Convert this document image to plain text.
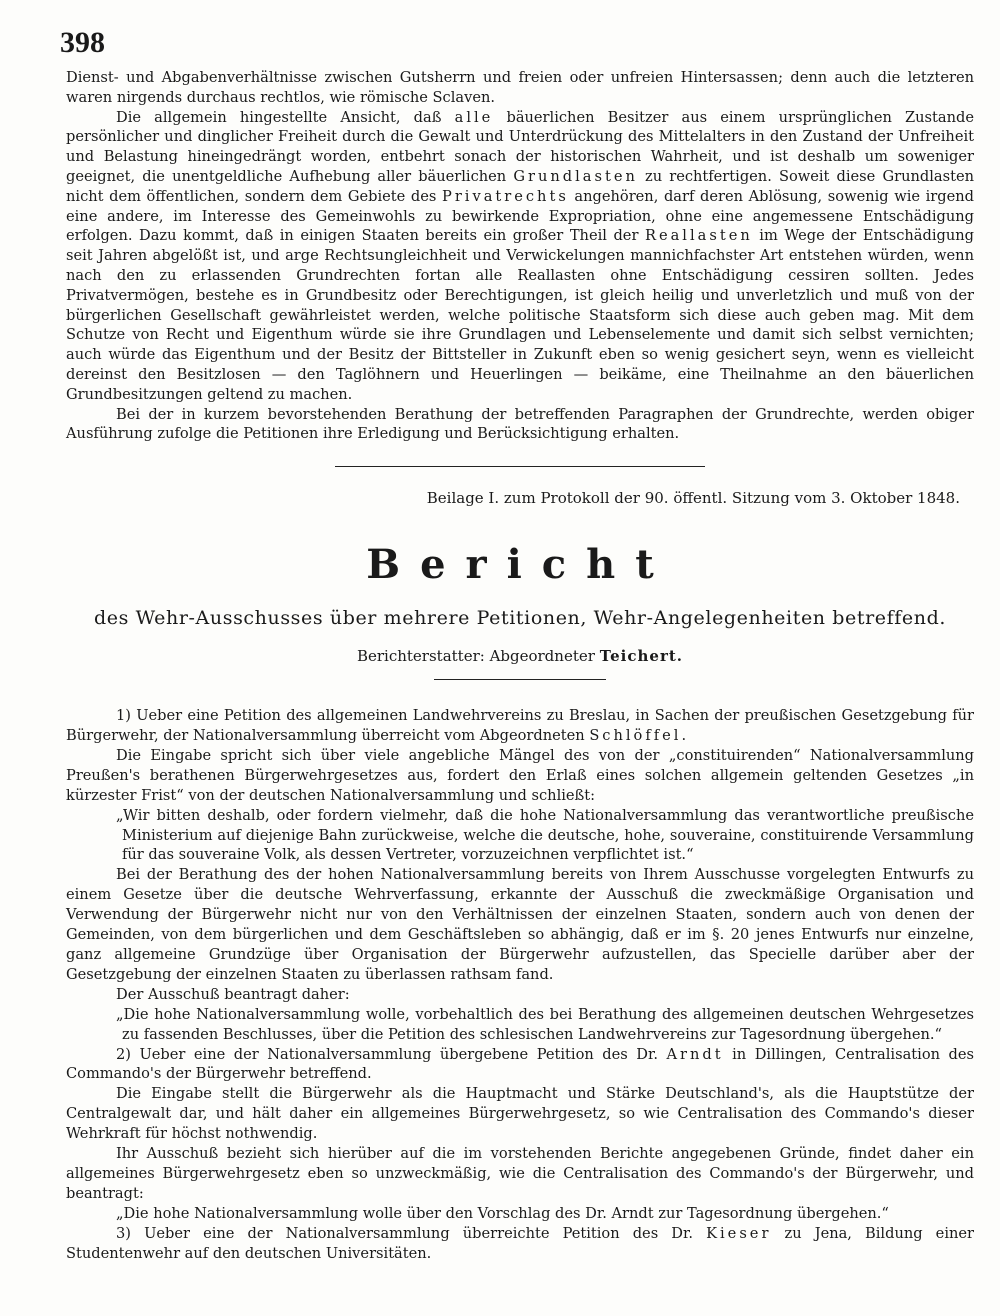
398

Dienst- und Abgabenverhältnisse zwischen Gutsherrn und freien oder unfreien Hintersassen; denn auch die letzteren waren nirgends durchaus rechtlos, wie römische Sclaven.

Die allgemein hingestellte Ansicht, daß alle bäuerlichen Besitzer aus einem ursprünglichen Zustande persönlicher und dinglicher Freiheit durch die Gewalt und Unterdrückung des Mittelalters in den Zustand der Unfreiheit und Belastung hineingedrängt worden, entbehrt sonach der historischen Wahrheit, und ist deshalb um soweniger geeignet, die unentgeldliche Aufhebung aller bäuerlichen Grundlasten zu rechtfertigen. Soweit diese Grundlasten nicht dem öffentlichen, sondern dem Gebiete des Privatrechts angehören, darf deren Ablösung, sowenig wie irgend eine andere, im Interesse des Gemeinwohls zu bewirkende Expropriation, ohne eine angemessene Entschädigung erfolgen. Dazu kommt, daß in einigen Staaten bereits ein großer Theil der Reallasten im Wege der Entschädigung seit Jahren abgelößt ist, und arge Rechtsungleichheit und Verwickelungen mannichfachster Art entstehen würden, wenn nach den zu erlassenden Grundrechten fortan alle Reallasten ohne Entschädigung cessiren sollten. Jedes Privatvermögen, bestehe es in Grundbesitz oder Berechtigungen, ist gleich heilig und unverletzlich und muß von der bürgerlichen Gesellschaft gewährleistet werden, welche politische Staatsform sich diese auch geben mag. Mit dem Schutze von Recht und Eigenthum würde sie ihre Grundlagen und Lebenselemente und damit sich selbst vernichten; auch würde das Eigenthum und der Besitz der Bittsteller in Zukunft eben so wenig gesichert seyn, wenn es vielleicht dereinst den Besitzlosen — den Taglöhnern und Heuerlingen — beikäme, eine Theilnahme an den bäuerlichen Grundbesitzungen geltend zu machen.

Bei der in kurzem bevorstehenden Berathung der betreffenden Paragraphen der Grundrechte, werden obiger Ausführung zufolge die Petitionen ihre Erledigung und Berücksichtigung erhalten.

Beilage I. zum Protokoll der 90. öffentl. Sitzung vom 3. Oktober 1848.
Bericht
des Wehr-Ausschusses über mehrere Petitionen, Wehr-Angelegenheiten betreffend.
Berichterstatter: Abgeordneter Teichert.

1) Ueber eine Petition des allgemeinen Landwehrvereins zu Breslau, in Sachen der preußischen Gesetzgebung für Bürgerwehr, der Nationalversammlung überreicht vom Abgeordneten Schlöffel.

Die Eingabe spricht sich über viele angebliche Mängel des von der „constituirenden“ Nationalversammlung Preußen's berathenen Bürgerwehrgesetzes aus, fordert den Erlaß eines solchen allgemein geltenden Gesetzes „in kürzester Frist“ von der deutschen Nationalversammlung und schließt:

„Wir bitten deshalb, oder fordern vielmehr, daß die hohe Nationalversammlung das verantwortliche preußische Ministerium auf diejenige Bahn zurückweise, welche die deutsche, hohe, souveraine, constituirende Versammlung für das souveraine Volk, als dessen Vertreter, vorzuzeichnen verpflichtet ist.“

Bei der Berathung des der hohen Nationalversammlung bereits von Ihrem Ausschusse vorgelegten Entwurfs zu einem Gesetze über die deutsche Wehrverfassung, erkannte der Ausschuß die zweckmäßige Organisation und Verwendung der Bürgerwehr nicht nur von den Verhältnissen der einzelnen Staaten, sondern auch von denen der Gemeinden, von dem bürgerlichen und dem Geschäftsleben so abhängig, daß er im §. 20 jenes Entwurfs nur einzelne, ganz allgemeine Grundzüge über Organisation der Bürgerwehr aufzustellen, das Specielle darüber aber der Gesetzgebung der einzelnen Staaten zu überlassen rathsam fand.

Der Ausschuß beantragt daher:

„Die hohe Nationalversammlung wolle, vorbehaltlich des bei Berathung des allgemeinen deutschen Wehrgesetzes zu fassenden Beschlusses, über die Petition des schlesischen Landwehrvereins zur Tagesordnung übergehen.“

2) Ueber eine der Nationalversammlung übergebene Petition des Dr. Arndt in Dillingen, Centralisation des Commando's der Bürgerwehr betreffend.

Die Eingabe stellt die Bürgerwehr als die Hauptmacht und Stärke Deutschland's, als die Hauptstütze der Centralgewalt dar, und hält daher ein allgemeines Bürgerwehrgesetz, so wie Centralisation des Commando's dieser Wehrkraft für höchst nothwendig.

Ihr Ausschuß bezieht sich hierüber auf die im vorstehenden Berichte angegebenen Gründe, findet daher ein allgemeines Bürgerwehrgesetz eben so unzweckmäßig, wie die Centralisation des Commando's der Bürgerwehr, und beantragt:

„Die hohe Nationalversammlung wolle über den Vorschlag des Dr. Arndt zur Tagesordnung übergehen.“

3) Ueber eine der Nationalversammlung überreichte Petition des Dr. Kieser zu Jena, Bildung einer Studentenwehr auf den deutschen Universitäten.
